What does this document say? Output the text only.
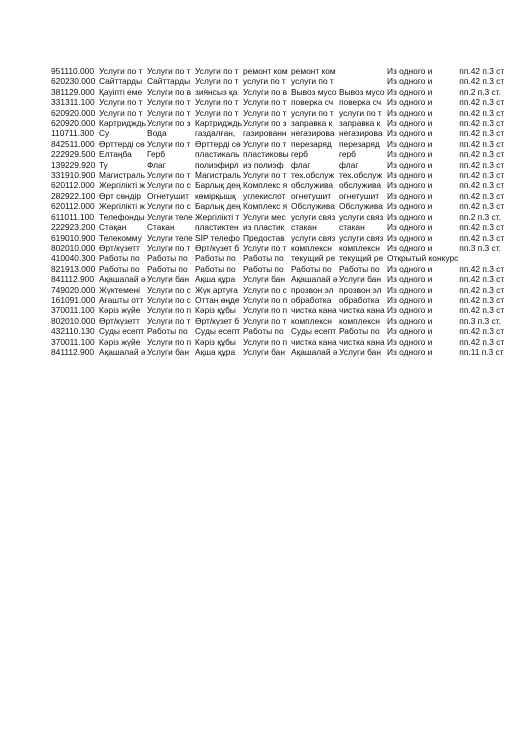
951110.000	Услуги по т	Услуги по т	Услуги по т	ремонт ком	ремонт ком		Из одного и	пп.42 п.3 ст
620230.000	Сайттарды	Сайттарды	Услуги по т	услуги по т	услуги по т		Из одного и	пп.42 п.3 ст
381129.000	Қауіпті еме	Услуги по в	зиянсыз қа	Услуги по в	Вывоз мусо	Вывоз мусо	Из одного и	пп.2 п.3 ст.
331311.100	Услуги по т	Услуги по т	Услуги по т	Услуги по т	поверка сч	поверка сч	Из одного и	пп.42 п.3 ст
620920.000	Услуги по т	Услуги по т	Услуги по т	Услуги по т	услуги по т	услуги по т	Из одного и	пп.42 п.3 ст
620920.000	Картридждь	Услуги по з	Картридждь	Услуги по з	заправка к	заправка к	Из одного и	пп.42 п.3 ст
110711.300	Су	Вода	газдалған,	газированн	негазирова	негазирова	Из одного и	пп.42 п.3 ст
842511.000	Өрттерді сө	Услуги по т	Өрттерді сө	Услуги по т	перезаряд	перезаряд	Из одного и	пп.42 п.3 ст
222929.500	Елтаңба	Герб	пластикаль	пластиковы	герб	герб	Из одного и	пп.42 п.3 ст
139229.920	Ту	Флаг	полиэфирл	из полиэф	флаг	флаг	Из одного и	пп.42 п.3 ст
331910.900	Магистраль	Услуги по т	Магистраль	Услуги по т	тех.обслуж	тех.обслуж	Из одного и	пп.42 п.3 ст
620112.000	Жергілікті ж	Услуги по с	Барлық дең	Комплекс я	обслужива	обслужива	Из одного и	пп.42 п.3 ст
282922.100	Өрт сөндір	Огнетушит	көмірқышқ	углекислот	огнетушит	огнетушит	Из одного и	пп.42 п.3 ст
620112.000	Жергілікті ж	Услуги по с	Барлық дең	Комплекс я	Обслужива	Обслужива	Из одного и	пп.42 п.3 ст
611011.100	Телефонды	Услуги теле	Жергілікті т	Услуги мес	услуги связ	услуги связ	Из одного и	пп.2 п.3 ст.
222923.200	Стақан	Стакан	пластиктен	из пластик	стакан	стакан	Из одного и	пп.42 п.3 ст
619010.900	Телекомму	Услуги теле	SIP телефо	Предостав	услуги связ	услуги связ	Из одного и	пп.42 п.3 ст
802010.000	Өрт/күзетт	Услуги по т	Өрт/күзет б	Услуги по т	комплексн	комплексн	Из одного и	пп.3 п.3 ст.
410040.300	Работы по	Работы по	Работы по	Работы по	текущий ре	текущий ре	Открытый конкурс	
821913.000	Работы по	Работы по	Работы по	Работы по	Работы по	Работы по	Из одного и	пп.42 п.3 ст
841112.900	Ақашалай ә	Услуги бан	Ақша құра	Услуги бан	Ақашалай ә	Услуги бан	Из одного и	пп.42 п.3 ст
749020.000	Жүктемені	Услуги по с	Жүк артуға	Услуги по с	прозвон эл	прозвон эл	Из одного и	пп.42 п.3 ст
161091.000	Ағашты отт	Услуги по с	Оттан өңде	Услуги по п	обработка	обработка	Из одного и	пп.42 п.3 ст
370011.100	Кәріз жүйе	Услуги по п	Кәріз құбы	Услуги по п	чистка кана	чистка кана	Из одного и	пп.42 п.3 ст
802010.000	Өрт/күзетт	Услуги по т	Өрт/күзет б	Услуги по т	комплексн	комплексн	Из одного и	пп.3 п.3 ст.
432110.130	Суды есепт	Работы по	Суды есепт	Работы по	Суды есепт	Работы по	Из одного и	пп.42 п.3 ст
370011.100	Кәріз жүйе	Услуги по п	Кәріз құбы	Услуги по п	чистка кана	чистка кана	Из одного и	пп.42 п.3 ст
841112.900	Ақашалай ә	Услуги бан	Ақша құра	Услуги бан	Ақашалай ә	Услуги бан	Из одного и	пп.11 п.3 ст
